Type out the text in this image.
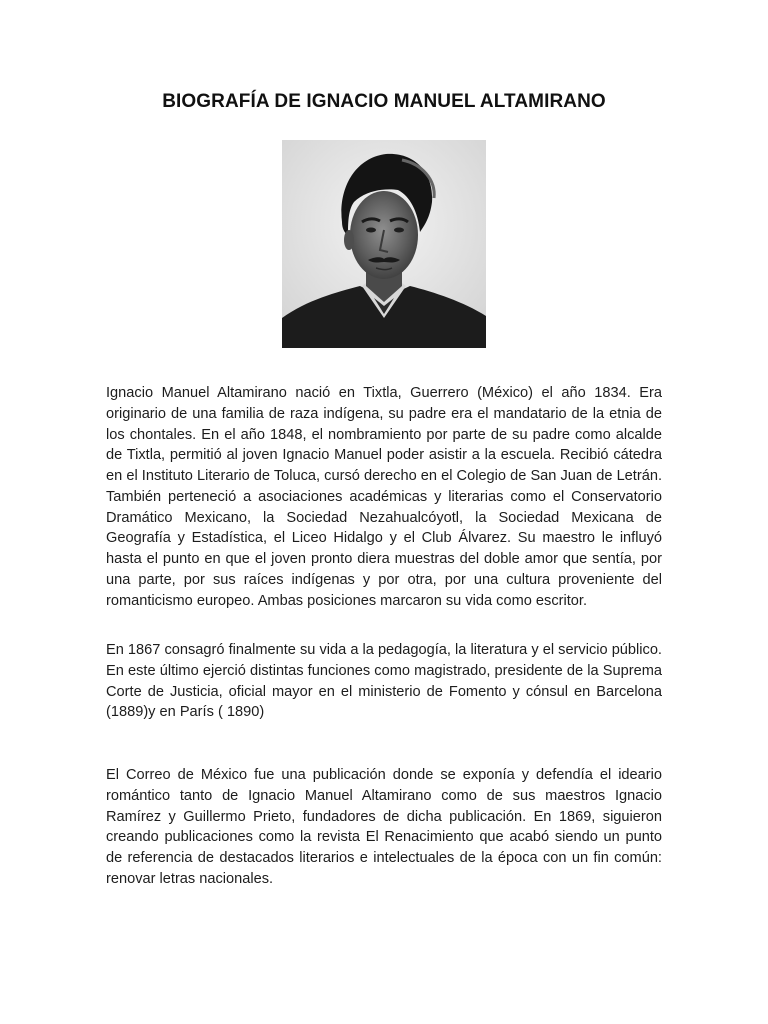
BIOGRAFÍA DE IGNACIO MANUEL ALTAMIRANO

Ignacio Manuel Altamirano nació en Tixtla, Guerrero (México) el año 1834. Era originario de una familia de raza indígena, su padre era el mandatario de la etnia de los chontales. En el año 1848, el nombramiento por parte de su padre como alcalde de Tixtla, permitió al joven Ignacio Manuel poder asistir a la escuela. Recibió cátedra en el Instituto Literario de Toluca, cursó derecho en el Colegio de San Juan de Letrán. También perteneció a asociaciones académicas y literarias como el Conservatorio Dramático Mexicano, la Sociedad Nezahualcóyotl, la Sociedad Mexicana de Geografía y Estadística, el Liceo Hidalgo y el Club Álvarez. Su maestro le influyó hasta el punto en que el joven pronto diera muestras del doble amor que sentía, por una parte, por sus raíces indígenas y por otra, por una cultura proveniente del romanticismo europeo. Ambas posiciones marcaron su vida como escritor.

En 1867 consagró finalmente su vida a la pedagogía, la literatura y el servicio público. En este último ejerció distintas funciones como magistrado, presidente de la Suprema Corte de Justicia, oficial mayor en el ministerio de Fomento y cónsul en Barcelona (1889)y en París ( 1890)

El Correo de México fue una publicación donde se exponía y defendía el ideario romántico tanto de Ignacio Manuel Altamirano como de sus maestros Ignacio Ramírez y Guillermo Prieto, fundadores de dicha publicación. En 1869, siguieron creando publicaciones como la revista El Renacimiento que acabó siendo un punto de referencia de destacados literarios e intelectuales de la época con un fin común: renovar letras nacionales.
